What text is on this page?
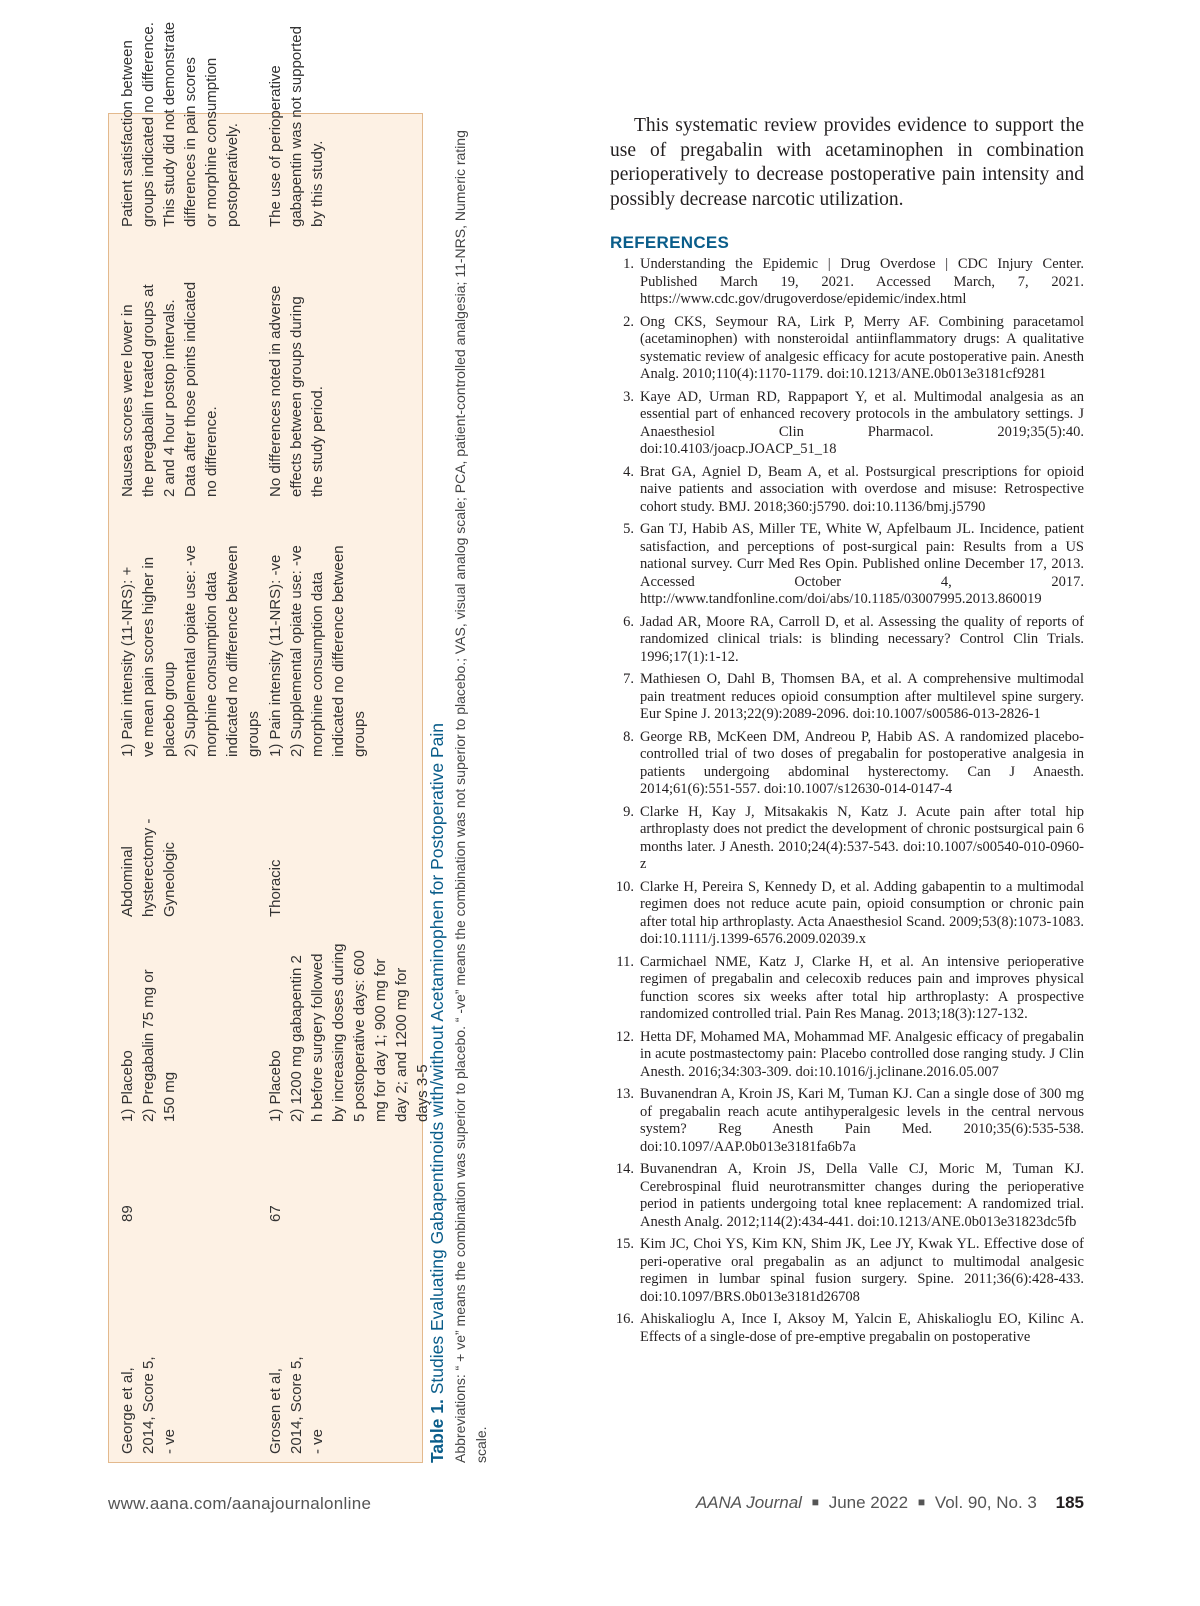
George et al,
2014, Score 5,
- ve
89
1) Placebo
2) Pregabalin 75 mg or
150 mg
Abdominal
hysterectomy -
Gyneologic
1) Pain intensity (11-NRS): +
ve mean pain scores higher in
placebo group
2) Supplemental opiate use: -ve
morphine consumption data
indicated no difference between
groups
Nausea scores were lower in
the pregabalin treated groups at
2 and 4 hour postop intervals.
Data after those points indicated
no difference.
Patient satisfaction between
groups indicated no difference.
This study did not demonstrate
differences in pain scores
or morphine consumption
postoperatively.
Grosen et al,
2014, Score 5,
- ve
67
1) Placebo
2) 1200 mg gabapentin 2
h before surgery followed
by increasing doses during
5 postoperative days: 600
mg for day 1; 900 mg for
day 2; and 1200 mg for
days 3-5
Thoracic
1) Pain intensity (11-NRS): -ve
2) Supplemental opiate use: -ve
morphine consumption data
indicated no difference between
groups
No differences noted in adverse
effects between groups during
the study period.
The use of perioperative
gabapentin was not supported
by this study.
Table 1. Studies Evaluating Gabapentinoids with/without Acetaminophen for Postoperative Pain Abbreviations: “ + ve” means the combination was superior to placebo. “ -ve” means the combination was not superior to placebo.; VAS, visual analog scale; PCA, patient-controlled analgesia; 11-NRS, Numeric rating scale.

This systematic review provides evidence to support the use of pregabalin with acetaminophen in combination perioperatively to decrease postoperative pain intensity and possibly decrease narcotic utilization.

REFERENCES
1. Understanding the Epidemic | Drug Overdose | CDC Injury Center. Published March 19, 2021. Accessed March, 7, 2021. https://www.cdc.gov/drugoverdose/epidemic/index.html
2. Ong CKS, Seymour RA, Lirk P, Merry AF. Combining paracetamol (acetaminophen) with nonsteroidal antiinflammatory drugs: A qualitative systematic review of analgesic efficacy for acute postoperative pain. Anesth Analg. 2010;110(4):1170-1179. doi:10.1213/ANE.0b013e3181cf9281
3. Kaye AD, Urman RD, Rappaport Y, et al. Multimodal analgesia as an essential part of enhanced recovery protocols in the ambulatory settings. J Anaesthesiol Clin Pharmacol. 2019;35(5):40. doi:10.4103/joacp.JOACP_51_18
4. Brat GA, Agniel D, Beam A, et al. Postsurgical prescriptions for opioid naive patients and association with overdose and misuse: Retrospective cohort study. BMJ. 2018;360:j5790. doi:10.1136/bmj.j5790
5. Gan TJ, Habib AS, Miller TE, White W, Apfelbaum JL. Incidence, patient satisfaction, and perceptions of post-surgical pain: Results from a US national survey. Curr Med Res Opin. Published online December 17, 2013. Accessed October 4, 2017. http://www.tandfonline.com/doi/abs/10.1185/03007995.2013.860019
6. Jadad AR, Moore RA, Carroll D, et al. Assessing the quality of reports of randomized clinical trials: is blinding necessary? Control Clin Trials. 1996;17(1):1-12.
7. Mathiesen O, Dahl B, Thomsen BA, et al. A comprehensive multimodal pain treatment reduces opioid consumption after multilevel spine surgery. Eur Spine J. 2013;22(9):2089-2096. doi:10.1007/s00586-013-2826-1
8. George RB, McKeen DM, Andreou P, Habib AS. A randomized placebo-controlled trial of two doses of pregabalin for postoperative analgesia in patients undergoing abdominal hysterectomy. Can J Anaesth. 2014;61(6):551-557. doi:10.1007/s12630-014-0147-4
9. Clarke H, Kay J, Mitsakakis N, Katz J. Acute pain after total hip arthroplasty does not predict the development of chronic postsurgical pain 6 months later. J Anesth. 2010;24(4):537-543. doi:10.1007/s00540-010-0960-z
10. Clarke H, Pereira S, Kennedy D, et al. Adding gabapentin to a multimodal regimen does not reduce acute pain, opioid consumption or chronic pain after total hip arthroplasty. Acta Anaesthesiol Scand. 2009;53(8):1073-1083. doi:10.1111/j.1399-6576.2009.02039.x
11. Carmichael NME, Katz J, Clarke H, et al. An intensive perioperative regimen of pregabalin and celecoxib reduces pain and improves physical function scores six weeks after total hip arthroplasty: A prospective randomized controlled trial. Pain Res Manag. 2013;18(3):127-132.
12. Hetta DF, Mohamed MA, Mohammad MF. Analgesic efficacy of pregabalin in acute postmastectomy pain: Placebo controlled dose ranging study. J Clin Anesth. 2016;34:303-309. doi:10.1016/j.jclinane.2016.05.007
13. Buvanendran A, Kroin JS, Kari M, Tuman KJ. Can a single dose of 300 mg of pregabalin reach acute antihyperalgesic levels in the central nervous system? Reg Anesth Pain Med. 2010;35(6):535-538. doi:10.1097/AAP.0b013e3181fa6b7a
14. Buvanendran A, Kroin JS, Della Valle CJ, Moric M, Tuman KJ. Cerebrospinal fluid neurotransmitter changes during the perioperative period in patients undergoing total knee replacement: A randomized trial. Anesth Analg. 2012;114(2):434-441. doi:10.1213/ANE.0b013e31823dc5fb
15. Kim JC, Choi YS, Kim KN, Shim JK, Lee JY, Kwak YL. Effective dose of peri-operative oral pregabalin as an adjunct to multimodal analgesic regimen in lumbar spinal fusion surgery. Spine. 2011;36(6):428-433. doi:10.1097/BRS.0b013e3181d26708
16. Ahiskalioglu A, Ince I, Aksoy M, Yalcin E, Ahiskalioglu EO, Kilinc A. Effects of a single-dose of pre-emptive pregabalin on postoperative
www.aana.com/aanajournalonline	AANA Journal ■ June 2022 ■ Vol. 90, No. 3 185
